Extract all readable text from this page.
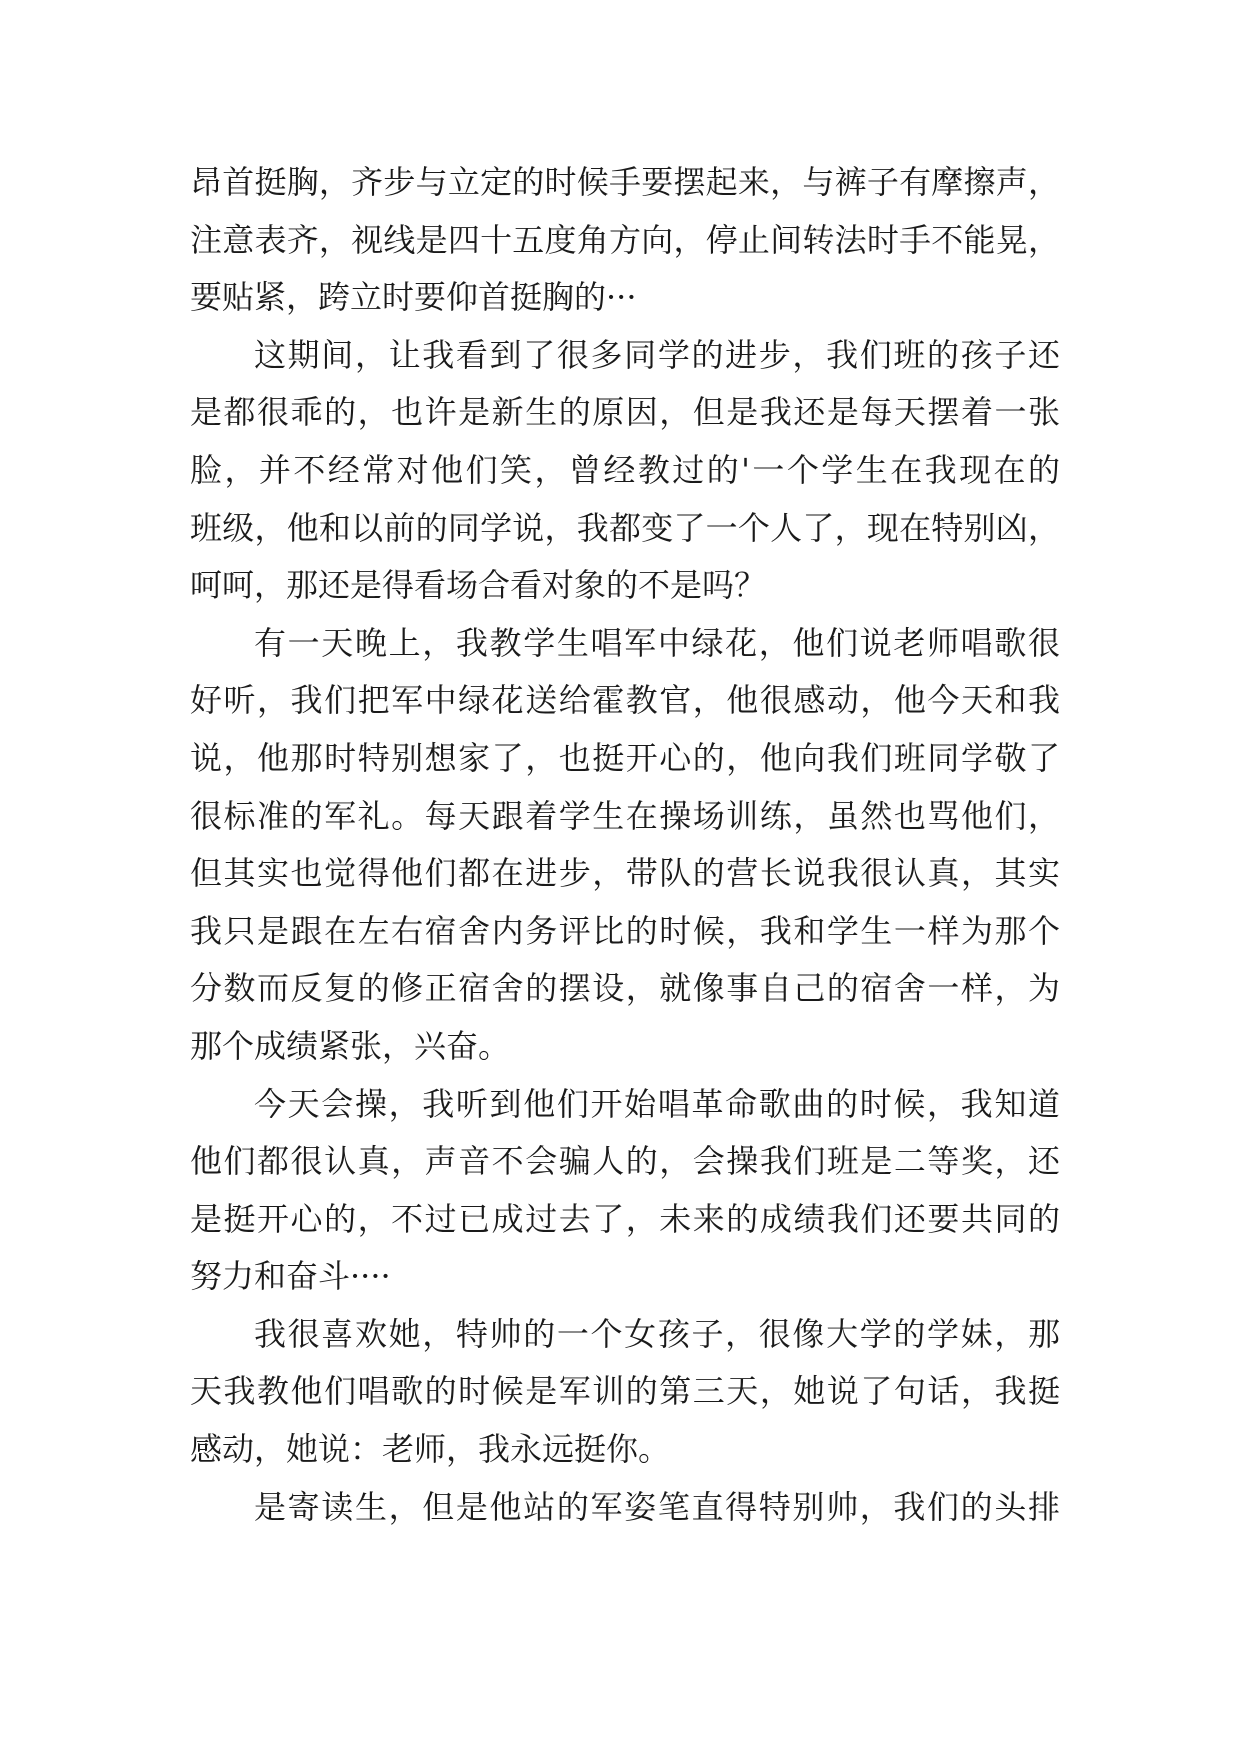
昂首挺胸，齐步与立定的时候手要摆起来，与裤子有摩擦声，
注意表齐，视线是四十五度角方向，停止间转法时手不能晃，
要贴紧，跨立时要仰首挺胸的···
这期间，让我看到了很多同学的进步，我们班的孩子还
是都很乖的，也许是新生的原因，但是我还是每天摆着一张
脸，并不经常对他们笑，曾经教过的'一个学生在我现在的
班级，他和以前的同学说，我都变了一个人了，现在特别凶，
呵呵，那还是得看场合看对象的不是吗？
有一天晚上，我教学生唱军中绿花，他们说老师唱歌很
好听，我们把军中绿花送给霍教官，他很感动，他今天和我
说，他那时特别想家了，也挺开心的，他向我们班同学敬了
很标准的军礼。每天跟着学生在操场训练，虽然也骂他们，
但其实也觉得他们都在进步，带队的营长说我很认真，其实
我只是跟在左右宿舍内务评比的时候，我和学生一样为那个
分数而反复的修正宿舍的摆设，就像事自己的宿舍一样，为
那个成绩紧张，兴奋。
今天会操，我听到他们开始唱革命歌曲的时候，我知道
他们都很认真，声音不会骗人的，会操我们班是二等奖，还
是挺开心的，不过已成过去了，未来的成绩我们还要共同的
努力和奋斗····
我很喜欢她，特帅的一个女孩子，很像大学的学妹，那
天我教他们唱歌的时候是军训的第三天，她说了句话，我挺
感动，她说：老师，我永远挺你。
是寄读生，但是他站的军姿笔直得特别帅，我们的头排
